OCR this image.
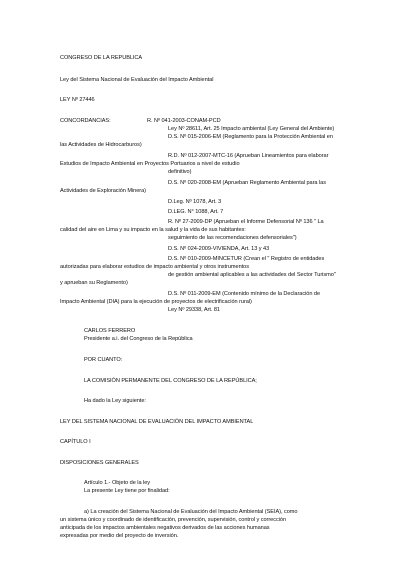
CONGRESO DE LA REPUBLICA
Ley del Sistema Nacional de Evaluación del Impacto Ambiental
LEY Nº 27446
CONCORDANCIAS:	R. Nº 041-2003-CONAM-PCD
Ley Nº 28611, Art. 25 Impacto ambiental (Ley General del Ambiente)
D.S. Nº 015-2006-EM (Reglamento para la Protección Ambiental en
las Actividades de Hidrocarburos)
R.D. Nº 012-2007-MTC-16 (Aprueban Lineamientos para elaborar
Estudios de Impacto Ambiental en Proyectos Portuarios a nivel de estudio
definitivo)
D.S. Nº 020-2008-EM (Aprueban Reglamento Ambiental para las
Actividades de Exploración Minera)
D.Leg. Nº 1078, Art. 3
D.LEG. N° 1088, Art. 7
R. Nº 27-2009-DP (Aprueban el Informe Defensorial Nº 136 " La
calidad del aire en Lima y su impacto en la salud y la vida de sus habitantes:
seguimiento de las recomendaciones defensoriales")
D.S. Nº 024-2009-VIVIENDA, Art. 13 y 43
D.S. Nº 010-2009-MINCETUR (Crean el " Registro de entidades
autorizadas para elaborar estudios de impacto ambiental y otros instrumentos
de gestión ambiental aplicables a las actividades del Sector Turismo"
y aprueban su Reglamento)
D.S. Nº 011-2009-EM (Contenido mínimo de la Declaración de
Impacto Ambiental (DIA) para la ejecución de proyectos de electrificación rural)
Ley Nº 29338, Art. 81
CARLOS FERRERO
Presidente a.i. del Congreso de la República
POR CUANTO:
LA COMISIÓN PERMANENTE DEL CONGRESO DE LA REPÚBLICA;
Ha dado la Ley siguiente:
LEY DEL SISTEMA NACIONAL DE EVALUACIÓN DEL IMPACTO AMBIENTAL
CAPÍTULO I
DISPOSICIONES GENERALES
Artículo 1.- Objeto de la ley
La presente Ley tiene por finalidad:
a) La creación del Sistema Nacional de Evaluación del Impacto Ambiental (SEIA), como
un sistema único y coordinado de identificación, prevención, supervisión, control y corrección
anticipada de los impactos ambientales negativos derivados de las acciones humanas
expresadas por medio del proyecto de inversión.
